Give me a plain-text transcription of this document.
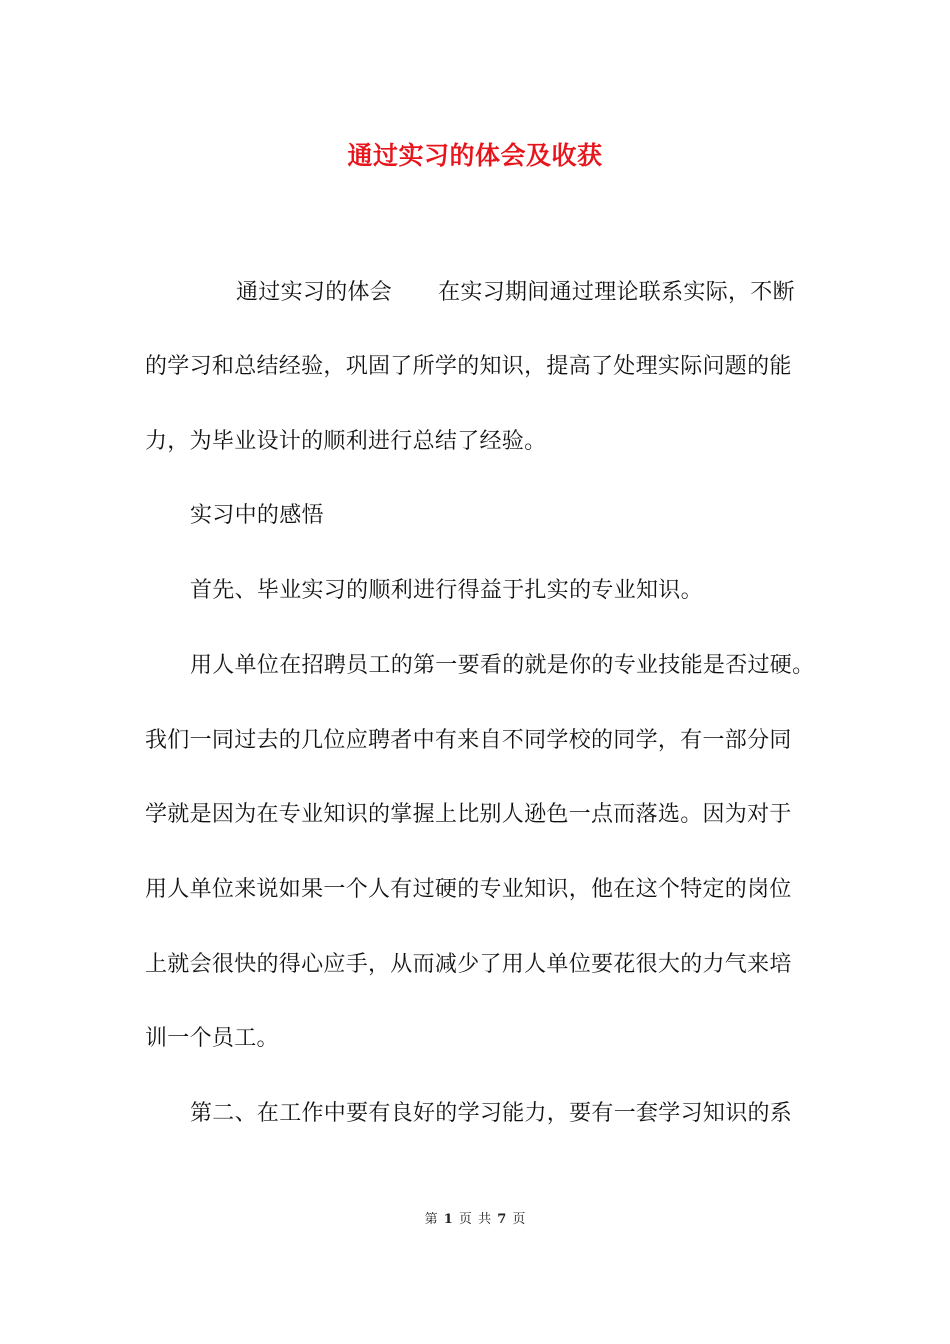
通过实习的体会及收获
通过实习的体会 在实习期间通过理论联系实际，不断
的学习和总结经验，巩固了所学的知识，提高了处理实际问题的能
力，为毕业设计的顺利进行总结了经验。
实习中的感悟
首先、毕业实习的顺利进行得益于扎实的专业知识。
用人单位在招聘员工的第一要看的就是你的专业技能是否过硬。
我们一同过去的几位应聘者中有来自不同学校的同学，有一部分同
学就是因为在专业知识的掌握上比别人逊色一点而落选。因为对于
用人单位来说如果一个人有过硬的专业知识，他在这个特定的岗位
上就会很快的得心应手，从而减少了用人单位要花很大的力气来培
训一个员工。
第二、在工作中要有良好的学习能力，要有一套学习知识的系
第 1 页 共 7 页
